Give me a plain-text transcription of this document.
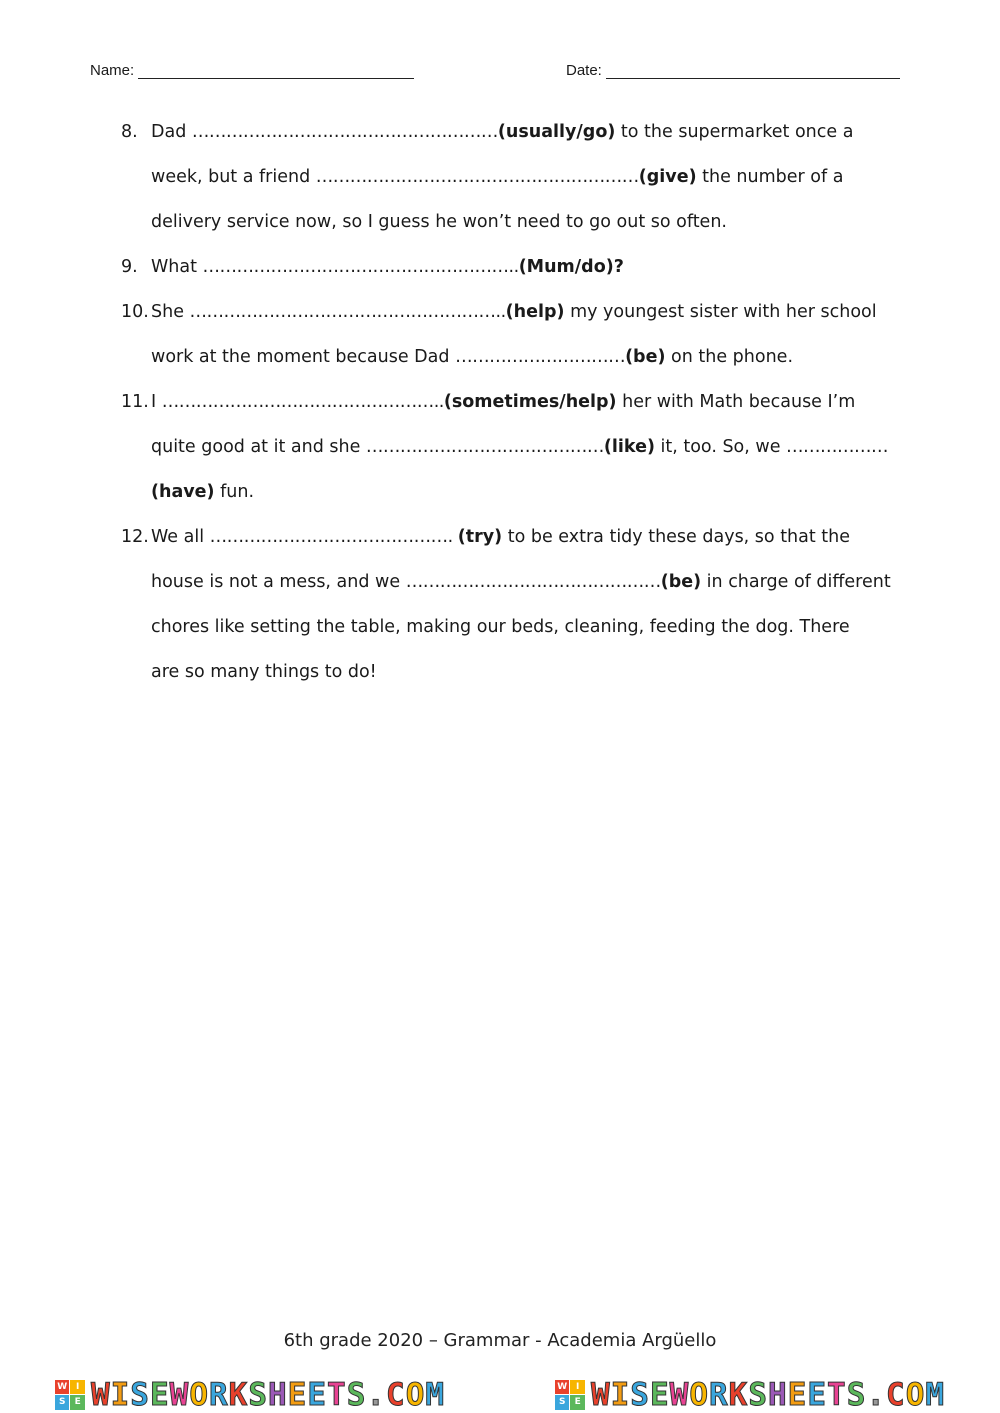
Name:	Date:
8. Dad ………………………………………………(usually/go) to the supermarket once a
week, but a friend …………………………………………………(give) the number of a
delivery service now, so I guess he won’t need to go out so often.
9. What ………………………………………………..(Mum/do)?
10. She ………………………………………………..(help) my youngest sister with her school
work at the moment because Dad …………………………(be) on the phone.
11. I …………………………………………..(sometimes/help) her with Math because I’m
quite good at it and she ……………………………………(like) it, too. So, we ………………
(have) fun.
12. We all ……………………………………. (try) to be extra tidy these days, so that the
house is not a mess, and we ………………………………………(be) in charge of different
chores like setting the table, making our beds, cleaning, feeding the dog. There
are so many things to do!
6th grade 2020 – Grammar - Academia Argüello
W I
S	E W I S E W O R K S H E E T S . C O M	W I
S	E W I S E W O R K S H E E T S . C O M
